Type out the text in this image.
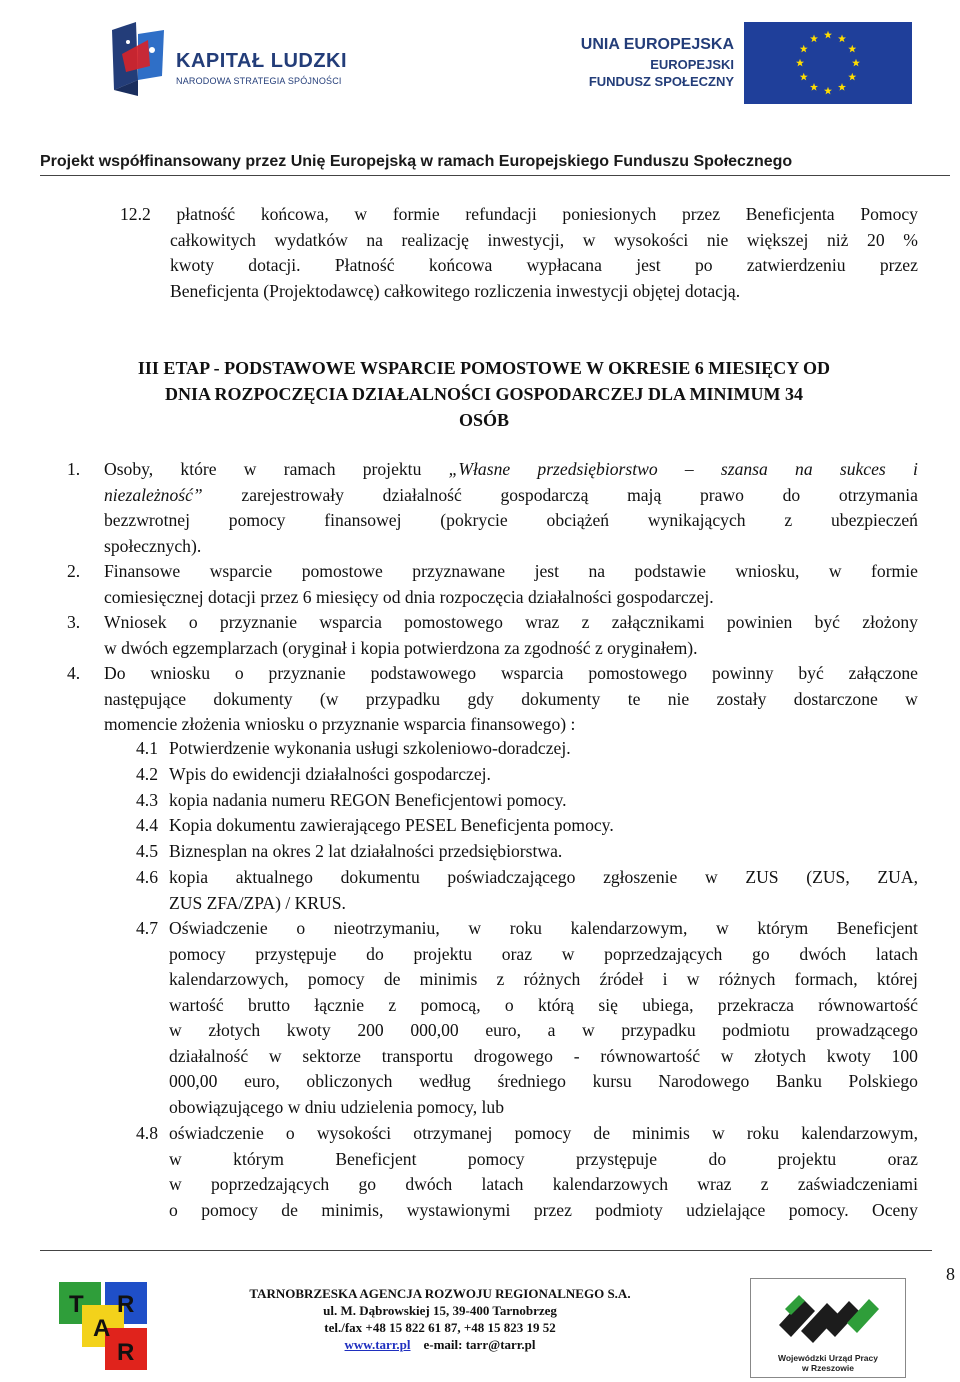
KAPITAŁ LUDZKI
NARODOWA STRATEGIA SPÓJNOŚCI
UNIA EUROPEJSKA
EUROPEJSKI
FUNDUSZ SPOŁECZNY
Projekt współfinansowany przez Unię Europejską w ramach Europejskiego Funduszu Społecznego
12.2 płatność końcowa, w formie refundacji poniesionych przez Beneficjenta Pomocy
całkowitych wydatków na realizację inwestycji, w wysokości nie większej niż 20 %
kwoty dotacji. Płatność końcowa wypłacana jest po zatwierdzeniu przez
Beneficjenta (Projektodawcę) całkowitego rozliczenia inwestycji objętej dotacją.
III ETAP - PODSTAWOWE WSPARCIE POMOSTOWE W OKRESIE 6 MIESIĘCY OD
DNIA ROZPOCZĘCIA DZIAŁALNOŚCI GOSPODARCZEJ DLA MINIMUM 34
OSÓB
1. Osoby, które w ramach projektu „Własne przedsiębiorstwo – szansa na sukces i
niezależność” zarejestrowały działalność gospodarczą mają prawo do otrzymania
bezzwrotnej pomocy finansowej (pokrycie obciążeń wynikających z ubezpieczeń
społecznych).
2. Finansowe wsparcie pomostowe przyznawane jest na podstawie wniosku, w formie
comiesięcznej dotacji przez 6 miesięcy od dnia rozpoczęcia działalności gospodarczej.
3. Wniosek o przyznanie wsparcia pomostowego wraz z załącznikami powinien być złożony
w dwóch egzemplarzach (oryginał i kopia potwierdzona za zgodność z oryginałem).
4. Do wniosku o przyznanie podstawowego wsparcia pomostowego powinny być załączone
następujące dokumenty (w przypadku gdy dokumenty te nie zostały dostarczone w
momencie złożenia wniosku o przyznanie wsparcia finansowego) :
4.1 Potwierdzenie wykonania usługi szkoleniowo-doradczej.
4.2 Wpis do ewidencji działalności gospodarczej.
4.3 kopia nadania numeru REGON Beneficjentowi pomocy.
4.4 Kopia dokumentu zawierającego PESEL Beneficjenta pomocy.
4.5 Biznesplan na okres 2 lat działalności przedsiębiorstwa.
4.6 kopia aktualnego dokumentu poświadczającego zgłoszenie w ZUS (ZUS, ZUA,
ZUS ZFA/ZPA) / KRUS.
4.7 Oświadczenie o nieotrzymaniu, w roku kalendarzowym, w którym Beneficjent
pomocy przystępuje do projektu oraz w poprzedzających go dwóch latach
kalendarzowych, pomocy de minimis z różnych źródeł i w różnych formach, której
wartość brutto łącznie z pomocą, o którą się ubiega, przekracza równowartość
w złotych kwoty 200 000,00 euro, a w przypadku podmiotu prowadzącego
działalność w sektorze transportu drogowego - równowartość w złotych kwoty 100
000,00 euro, obliczonych według średniego kursu Narodowego Banku Polskiego
obowiązującego w dniu udzielenia pomocy, lub
4.8 oświadczenie o wysokości otrzymanej pomocy de minimis w roku kalendarzowym,
w	którym	Beneficjent	pomocy	przystępuje	do	projektu	oraz
w poprzedzających go dwóch latach kalendarzowych wraz z zaświadczeniami
o pomocy de minimis, wystawionymi przez podmioty udzielające pomocy. Oceny
8
T R
A
R
TARNOBRZESKA AGENCJA ROZWOJU REGIONALNEGO S.A.
ul. M. Dąbrowskiej 15, 39-400 Tarnobrzeg
tel./fax +48 15 822 61 87, +48 15 823 19 52
www.tarr.pl e-mail: tarr@tarr.pl
Wojewódzki Urząd Pracy
w Rzeszowie
